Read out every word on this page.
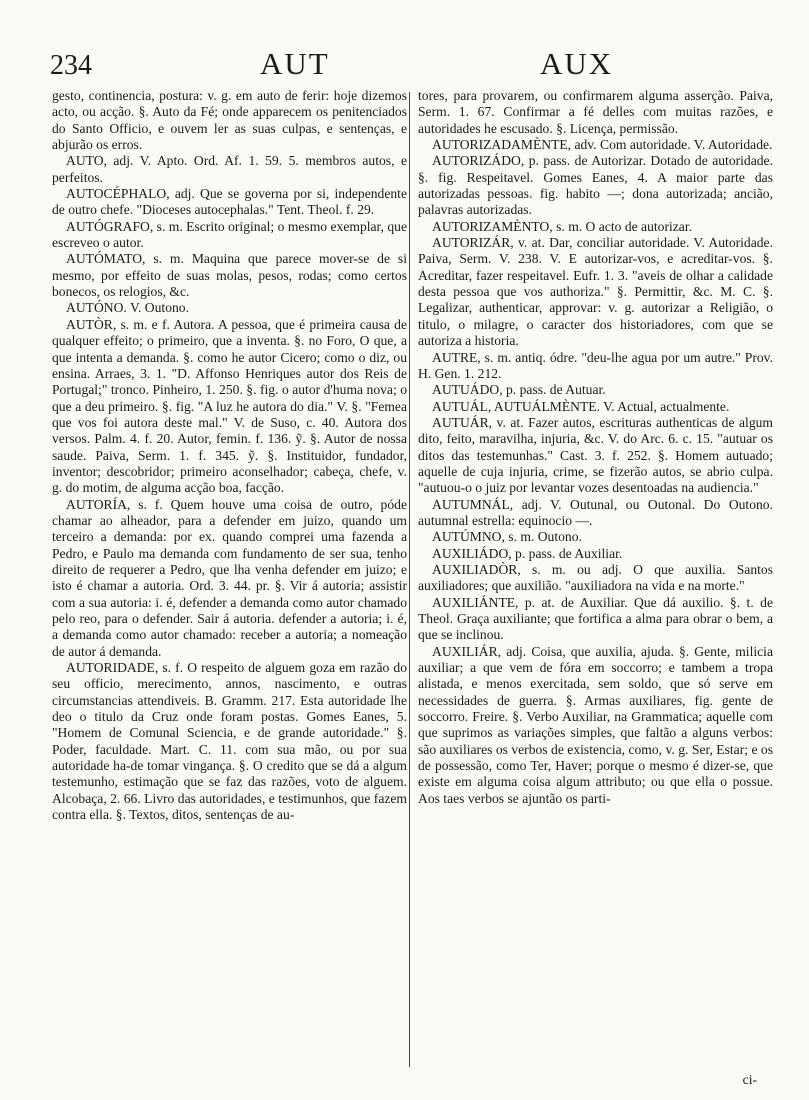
234	AUT	AUX

gesto, continencia, postura: v. g. em auto de ferir: hoje dizemos acto, ou acção. §. Auto da Fé; onde apparecem os penitenciados do Santo Officio, e ouvem ler as suas culpas, e sentenças, e abjurão os erros.

AUTO, adj. V. Apto. Ord. Af. 1. 59. 5. membros autos, e perfeitos.

AUTOCÉPHALO, adj. Que se governa por si, independente de outro chefe. "Dioceses autocephalas." Tent. Theol. f. 29.

AUTÓGRAFO, s. m. Escrito original; o mesmo exemplar, que escreveo o autor.

AUTÓMATO, s. m. Maquina que parece mover-se de si mesmo, por effeito de suas molas, pesos, rodas; como certos bonecos, os relogios, &c.

AUTÓNO. V. Outono.

AUTÒR, s. m. e f. Autora. A pessoa, que é primeira causa de qualquer effeito; o primeiro, que a inventa. §. no Foro, O que, a que intenta a demanda. §. como he autor Cicero; como o diz, ou ensina. Arraes, 3. 1. "D. Affonso Henriques autor dos Reis de Portugal;" tronco. Pinheiro, 1. 250. §. fig. o autor d'huma nova; o que a deu primeiro. §. fig. "A luz he autora do dia." V. §. "Femea que vos foi autora deste mal." V. de Suso, c. 40. Autora dos versos. Palm. 4. f. 20. Autor, femin. f. 136. ỹ. §. Autor de nossa saude. Paiva, Serm. 1. f. 345. ỹ. §. Instituidor, fundador, inventor; descobridor; primeiro aconselhador; cabeça, chefe, v. g. do motim, de alguma acção boa, facção.

AUTORÍA, s. f. Quem houve uma coisa de outro, póde chamar ao alheador, para a defender em juizo, quando um terceiro a demanda: por ex. quando comprei uma fazenda a Pedro, e Paulo ma demanda com fundamento de ser sua, tenho direito de requerer a Pedro, que lha venha defender em juizo; e isto é chamar a autoria. Ord. 3. 44. pr. §. Vir á autoria; assistir com a sua autoria: i. é, defender a demanda como autor chamado pelo reo, para o defender. Sair á autoria. defender a autoria; i. é, a demanda como autor chamado: receber a autoria; a nomeação de autor á demanda.

AUTORIDADE, s. f. O respeito de alguem goza em razão do seu officio, merecimento, annos, nascimento, e outras circumstancias attendiveis. B. Gramm. 217. Esta autoridade lhe deo o titulo da Cruz onde foram postas. Gomes Eanes, 5. "Homem de Comunal Sciencia, e de grande autoridade." §. Poder, faculdade. Mart. C. 11. com sua mão, ou por sua autoridade ha-de tomar vingança. §. O credito que se dá a algum testemunho, estimação que se faz das razões, voto de alguem. Alcobaça, 2. 66. Livro das autoridades, e testimunhos, que fazem contra ella. §. Textos, ditos, sentenças de au-

tores, para provarem, ou confirmarem alguma asserção. Paiva, Serm. 1. 67. Confirmar a fé delles com muitas razões, e autoridades he escusado. §. Licença, permissão.

AUTORIZADAMÈNTE, adv. Com autoridade. V. Autoridade.

AUTORIZÁDO, p. pass. de Autorizar. Dotado de autoridade. §. fig. Respeitavel. Gomes Eanes, 4. A maior parte das autorizadas pessoas. fig. habito —; dona autorizada; ancião, palavras autorizadas.

AUTORIZAMÈNTO, s. m. O acto de autorizar.

AUTORIZÁR, v. at. Dar, conciliar autoridade. V. Autoridade. Paiva, Serm. V. 238. V. E autorizar-vos, e acreditar-vos. §. Acreditar, fazer respeitavel. Eufr. 1. 3. "aveis de olhar a calidade desta pessoa que vos authoriza." §. Permittir, &c. M. C. §. Legalizar, authenticar, approvar: v. g. autorizar a Religião, o titulo, o milagre, o caracter dos historiadores, com que se autoriza a historia.

AUTRE, s. m. antiq. ódre. "deu-lhe agua por um autre." Prov. H. Gen. 1. 212.

AUTUÁDO, p. pass. de Autuar.

AUTUÁL, AUTUÁLMÈNTE. V. Actual, actualmente.

AUTUÁR, v. at. Fazer autos, escrituras authenticas de algum dito, feito, maravilha, injuria, &c. V. do Arc. 6. c. 15. "autuar os ditos das testemunhas." Cast. 3. f. 252. §. Homem autuado; aquelle de cuja injuria, crime, se fizerão autos, se abrio culpa. "autuou-o o juiz por levantar vozes desentoadas na audiencia."

AUTUMNÁL, adj. V. Outunal, ou Outonal. Do Outono. autumnal estrella: equinocio —.

AUTÚMNO, s. m. Outono.

AUXILIÁDO, p. pass. de Auxiliar.

AUXILIADÒR, s. m. ou adj. O que auxilia. Santos auxiliadores; que auxilião. "auxiliadora na vida e na morte."

AUXILIÁNTE, p. at. de Auxiliar. Que dá auxilio. §. t. de Theol. Graça auxiliante; que fortifica a alma para obrar o bem, a que se inclinou.

AUXILIÁR, adj. Coisa, que auxilia, ajuda. §. Gente, milicia auxiliar; a que vem de fóra em soccorro; e tambem a tropa alistada, e menos exercitada, sem soldo, que só serve em necessidades de guerra. §. Armas auxiliares, fig. gente de soccorro. Freire. §. Verbo Auxiliar, na Grammatica; aquelle com que suprimos as variações simples, que faltão a alguns verbos: são auxiliares os verbos de existencia, como, v. g. Ser, Estar; e os de possessão, como Ter, Haver; porque o mesmo é dizer-se, que existe em alguma coisa algum attributo; ou que ella o possue. Aos taes verbos se ajuntão os parti-

ci-
